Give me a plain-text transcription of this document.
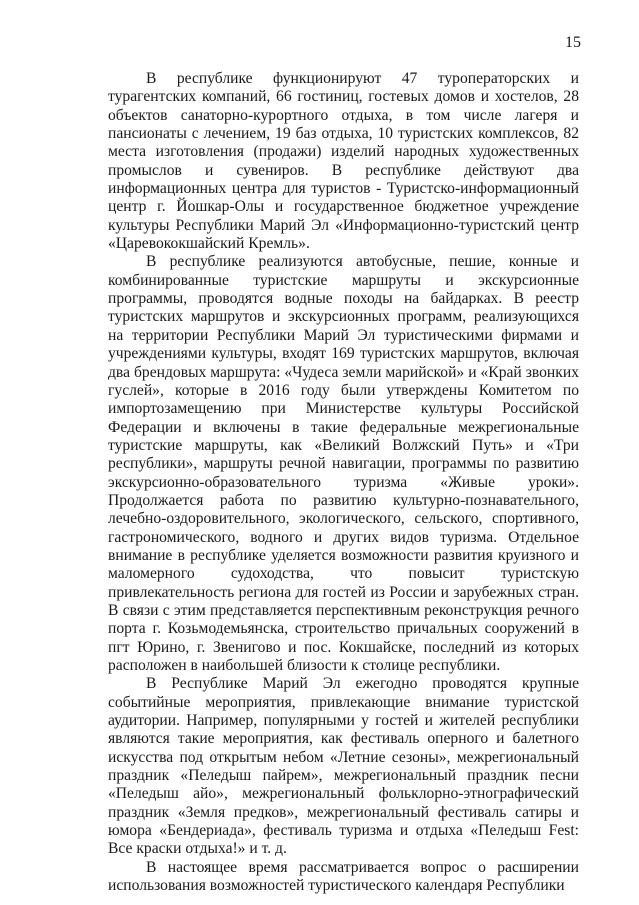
15

В республике функционируют 47 туроператорских и турагентских компаний, 66 гостиниц, гостевых домов и хостелов, 28 объектов санаторно-курортного отдыха, в том числе лагеря и пансионаты с лечением, 19 баз отдыха, 10 туристских комплексов, 82 места изготовления (продажи) изделий народных художественных промыслов и сувениров. В республике действуют два информационных центра для туристов - Туристско-информационный центр г. Йошкар-Олы и государственное бюджетное учреждение культуры Республики Марий Эл «Информационно-туристский центр «Царевококшайский Кремль».

В республике реализуются автобусные, пешие, конные и комбинированные туристские маршруты и экскурсионные программы, проводятся водные походы на байдарках. В реестр туристских маршрутов и экскурсионных программ, реализующихся на территории Республики Марий Эл туристическими фирмами и учреждениями культуры, входят 169 туристских маршрутов, включая два брендовых маршрута: «Чудеса земли марийской» и «Край звонких гуслей», которые в 2016 году были утверждены Комитетом по импортозамещению при Министерстве культуры Российской Федерации и включены в такие федеральные межрегиональные туристские маршруты, как «Великий Волжский Путь» и «Три республики», маршруты речной навигации, программы по развитию экскурсионно-образовательного туризма «Живые уроки». Продолжается работа по развитию культурно-познавательного, лечебно-оздоровительного, экологического, сельского, спортивного, гастрономического, водного и других видов туризма. Отдельное внимание в республике уделяется возможности развития круизного и маломерного судоходства, что повысит туристскую привлекательность региона для гостей из России и зарубежных стран. В связи с этим представляется перспективным реконструкция речного порта г. Козьмодемьянска, строительство причальных сооружений в пгт Юрино, г. Звенигово и пос. Кокшайске, последний из которых расположен в наибольшей близости к столице республики.

В Республике Марий Эл ежегодно проводятся крупные событийные мероприятия, привлекающие внимание туристской аудитории. Например, популярными у гостей и жителей республики являются такие мероприятия, как фестиваль оперного и балетного искусства под открытым небом «Летние сезоны», межрегиональный праздник «Пеледыш пайрем», межрегиональный праздник песни «Пеледыш айо», межрегиональный фольклорно-этнографический праздник «Земля предков», межрегиональный фестиваль сатиры и юмора «Бендериада», фестиваль туризма и отдыха «Пеледыш Fest: Все краски отдыха!» и т. д.

В настоящее время рассматривается вопрос о расширении использования возможностей туристического календаря Республики
